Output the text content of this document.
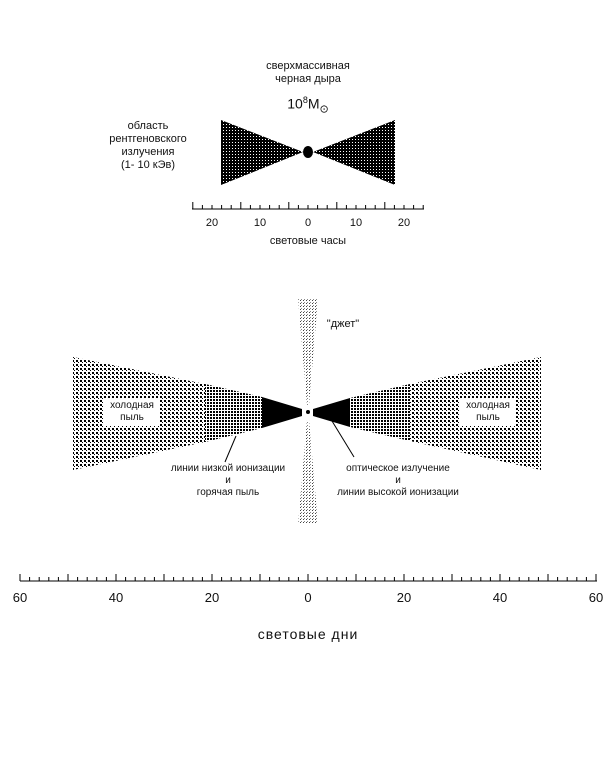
20	10	0	10	20
60	40	20	0	20	40	60
сверхмассивная
черная дыра
$10^8M_⊙$
область
рентгеновского
излучения
(1- 10 кЭв)
световые часы
"джет"
холодная
пыль
холодная
пыль
линии низкой ионизации
и
горячая пыль
оптическое излучение
и
линии высокой ионизации
световые дни
